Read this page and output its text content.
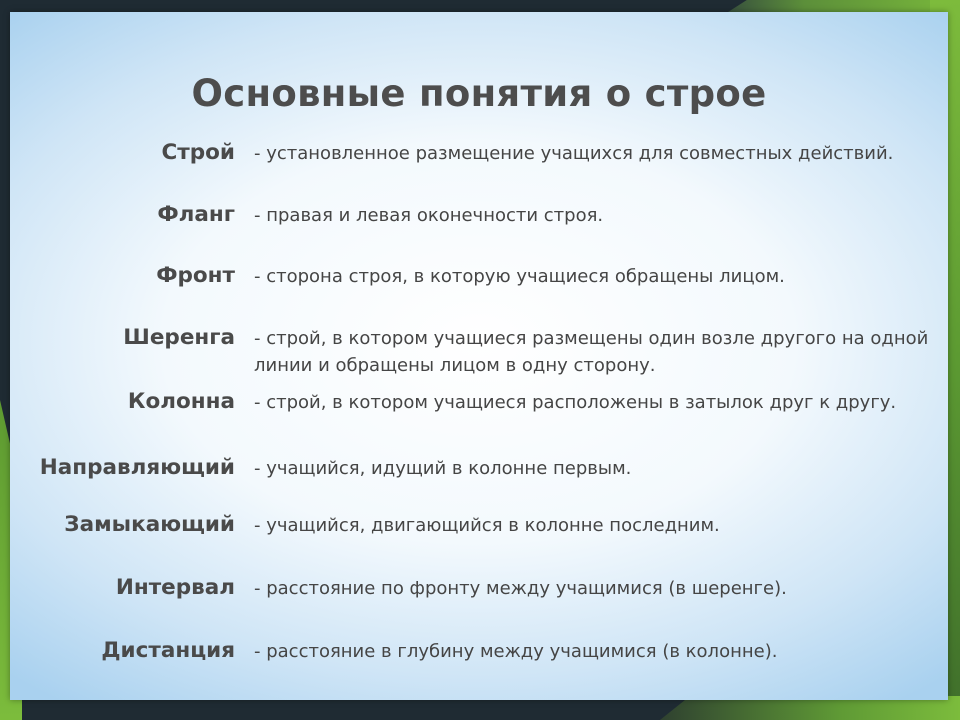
Основные понятия о строе
Строй - установленное размещение учащихся для совместных действий.
Фланг - правая и левая оконечности строя.
Фронт - сторона строя, в которую учащиеся обращены лицом.
Шеренга - строй, в котором учащиеся размещены один возле другого на одной линии и обращены лицом в одну сторону.
Колонна - строй, в котором учащиеся расположены в затылок друг к другу.
Направляющий - учащийся, идущий в колонне первым.
Замыкающий - учащийся, двигающийся в колонне последним.
Интервал - расстояние по фронту между учащимися (в шеренге).
Дистанция - расстояние в глубину между учащимися (в колонне).
